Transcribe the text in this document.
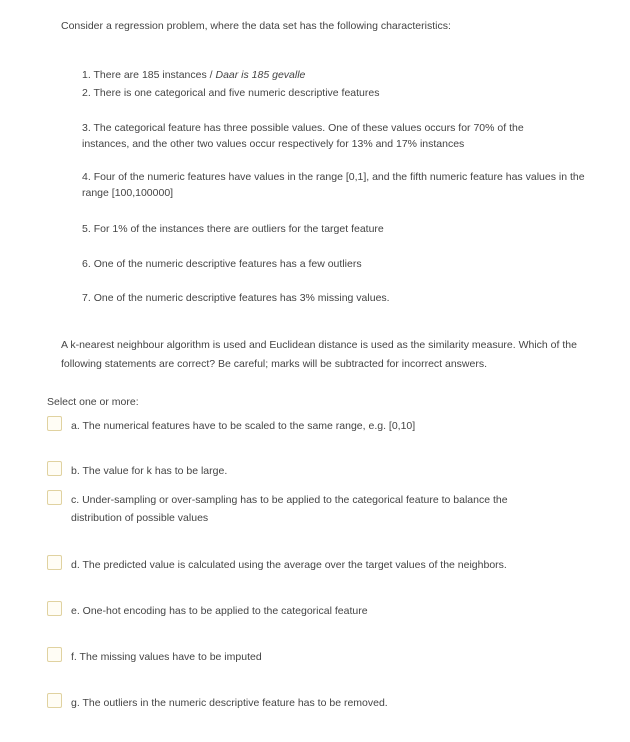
Consider a regression problem, where the data set has the following characteristics:
1. There are 185 instances / Daar is 185 gevalle
2. There is one categorical and five numeric descriptive features
3. The categorical feature has three possible values. One of these values occurs for 70% of the instances, and the other two values occur respectively for 13% and 17% instances
4. Four of the numeric features have values in the range [0,1], and the fifth numeric feature has values in the range [100,100000]
5. For 1% of the instances there are outliers for the target feature
6. One of the numeric descriptive features has a few outliers
7. One of the numeric descriptive features has 3% missing values.
A k-nearest neighbour algorithm is used and Euclidean distance is used as the similarity measure. Which of the following statements are correct? Be careful; marks will be subtracted for incorrect answers.
Select one or more:
a. The numerical features have to be scaled to the same range, e.g. [0,10]
b. The value for k has to be large.
c. Under-sampling or over-sampling has to be applied to the categorical feature to balance the distribution of possible values
d. The predicted value is calculated using the average over the target values of the neighbors.
e. One-hot encoding has to be applied to the categorical feature
f. The missing values have to be imputed
g. The outliers in the numeric descriptive feature has to be removed.
